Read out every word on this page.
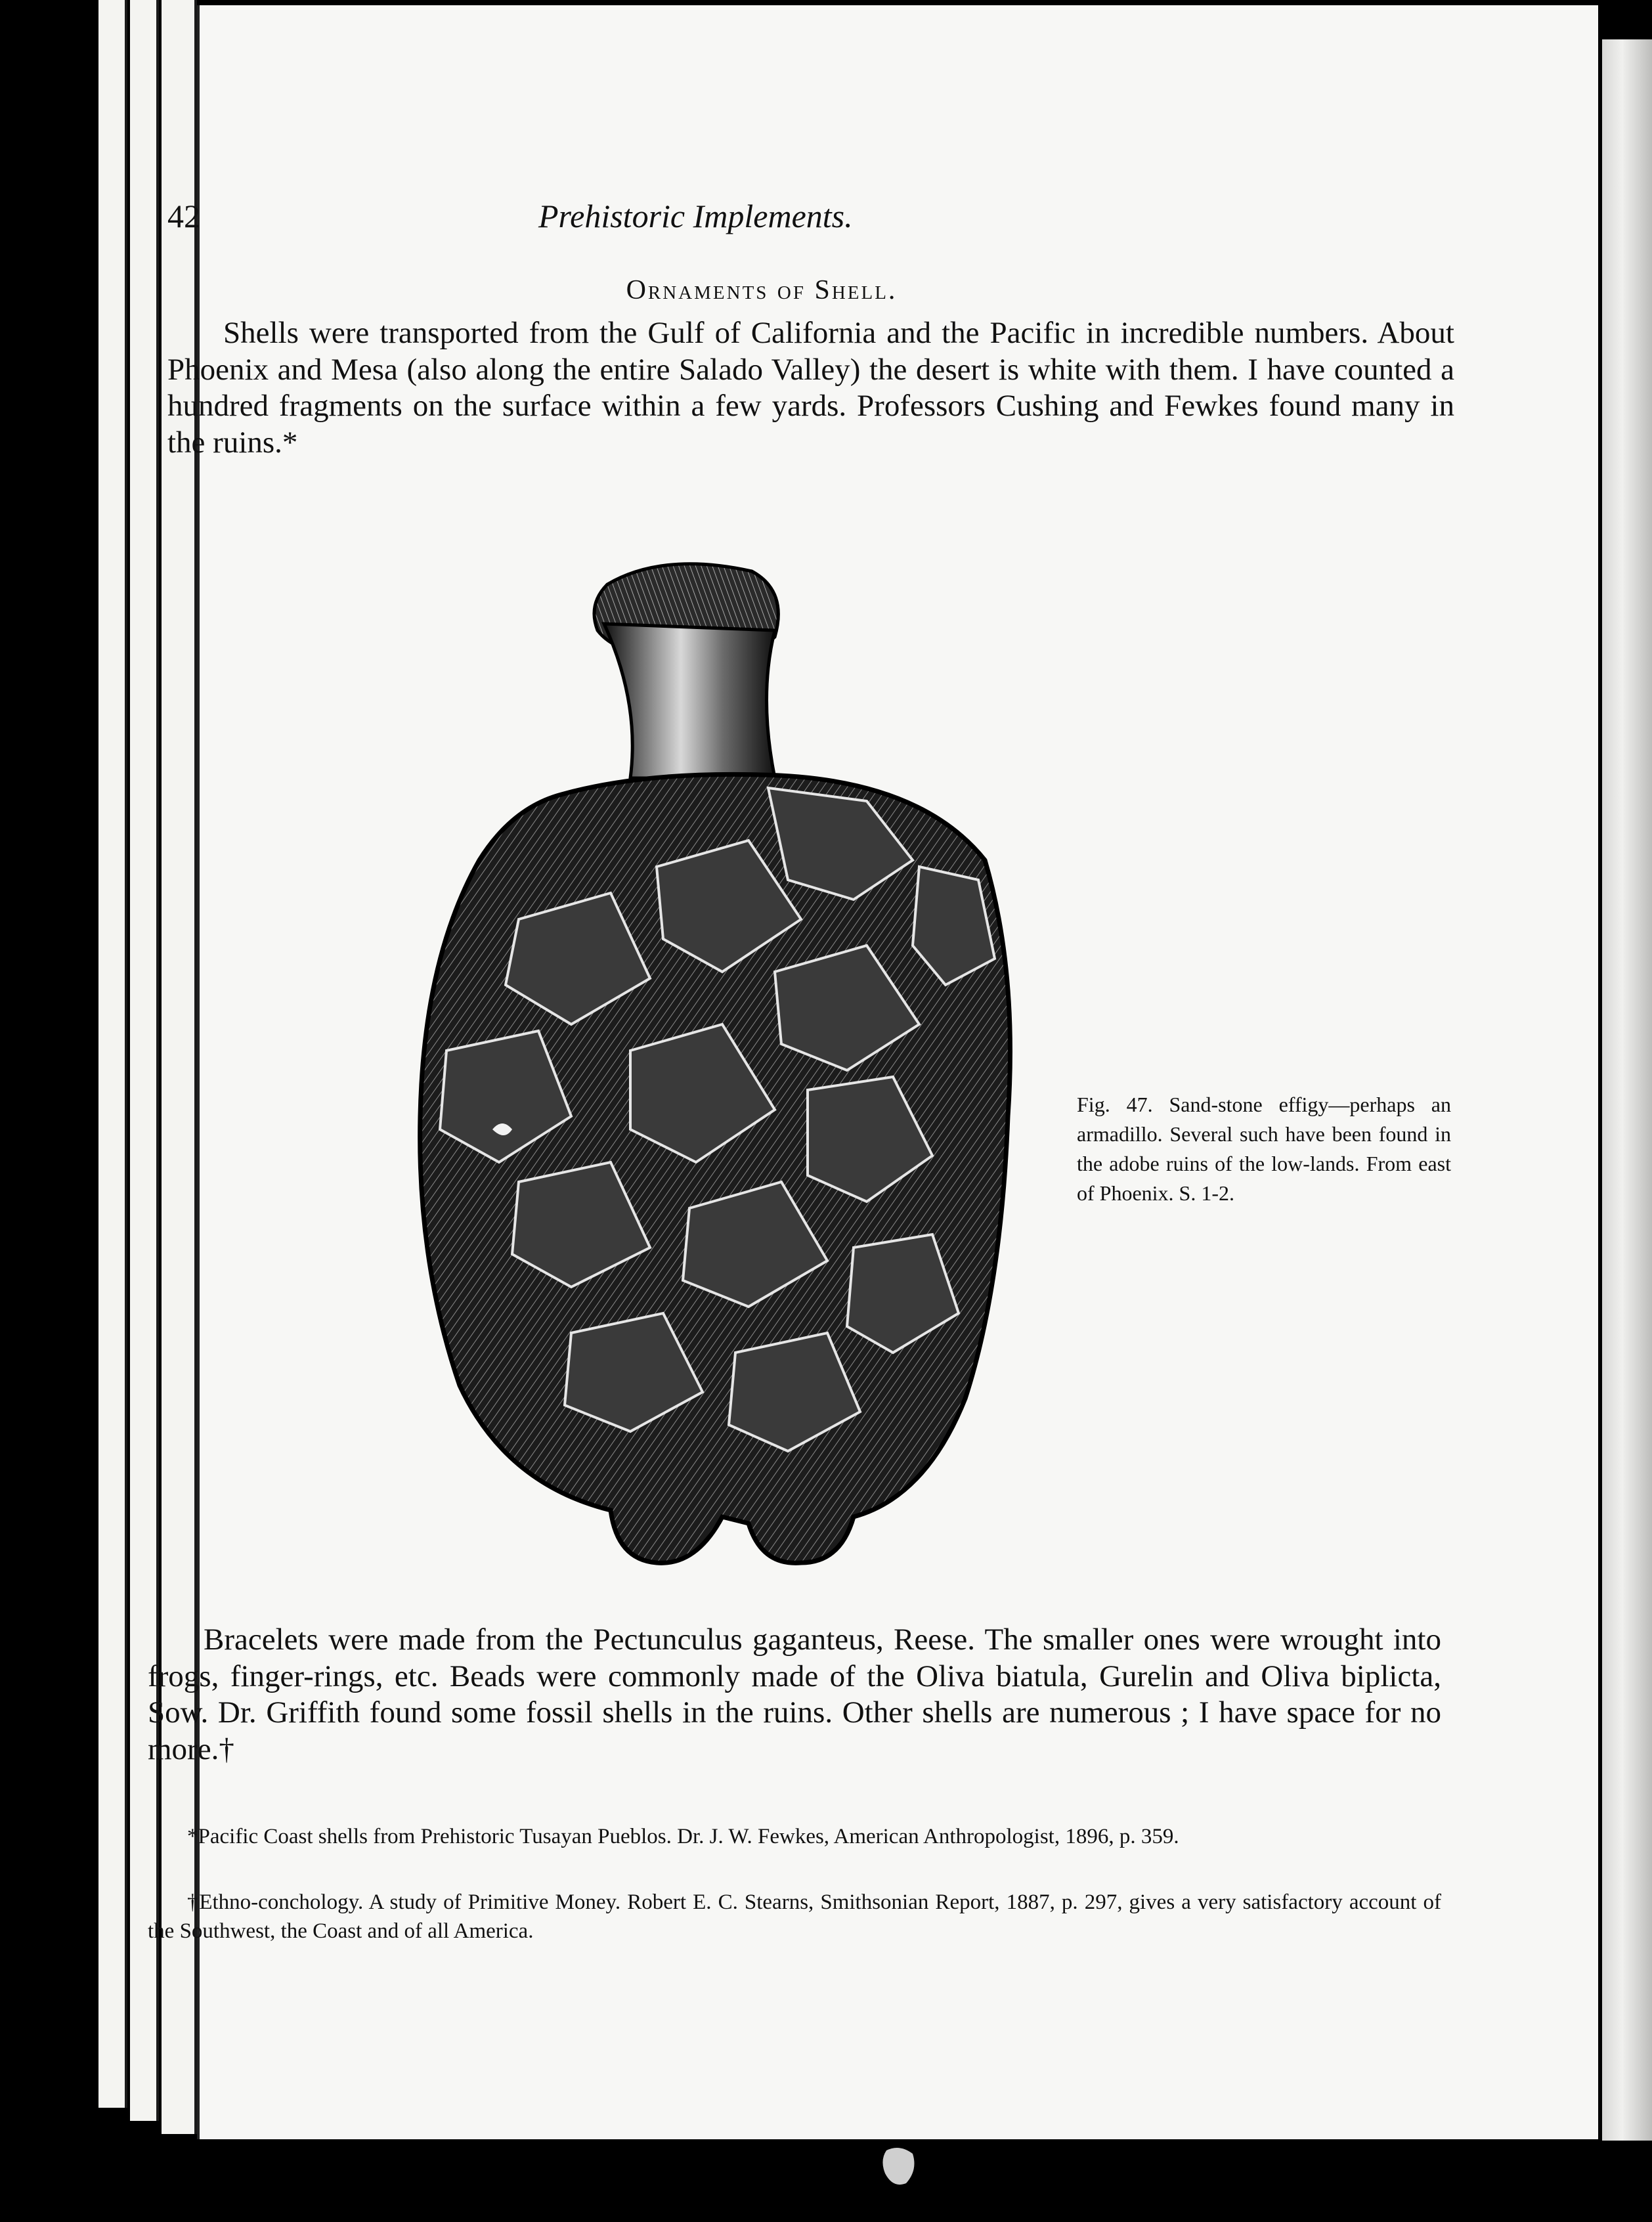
42	Prehistoric Implements.
Ornaments of Shell.
Shells were transported from the Gulf of California and the Pacific in incredible numbers. About Phoenix and Mesa (also along the entire Salado Valley) the desert is white with them. I have counted a hundred fragments on the surface within a few yards. Professors Cushing and Fewkes found many in the ruins.*
Fig. 47. Sand-stone effigy—perhaps an armadillo. Several such have been found in the adobe ruins of the low-lands. From east of Phoenix. S. 1-2.
Bracelets were made from the Pectunculus gaganteus, Reese. The smaller ones were wrought into frogs, finger-rings, etc. Beads were commonly made of the Oliva biatula, Gurelin and Oliva biplicta, Sow. Dr. Griffith found some fossil shells in the ruins. Other shells are numerous ; I have space for no more.†
*Pacific Coast shells from Prehistoric Tusayan Pueblos. Dr. J. W. Fewkes, American Anthropologist, 1896, p. 359.
†Ethno-conchology. A study of Primitive Money. Robert E. C. Stearns, Smithsonian Report, 1887, p. 297, gives a very satisfactory account of the Southwest, the Coast and of all America.
